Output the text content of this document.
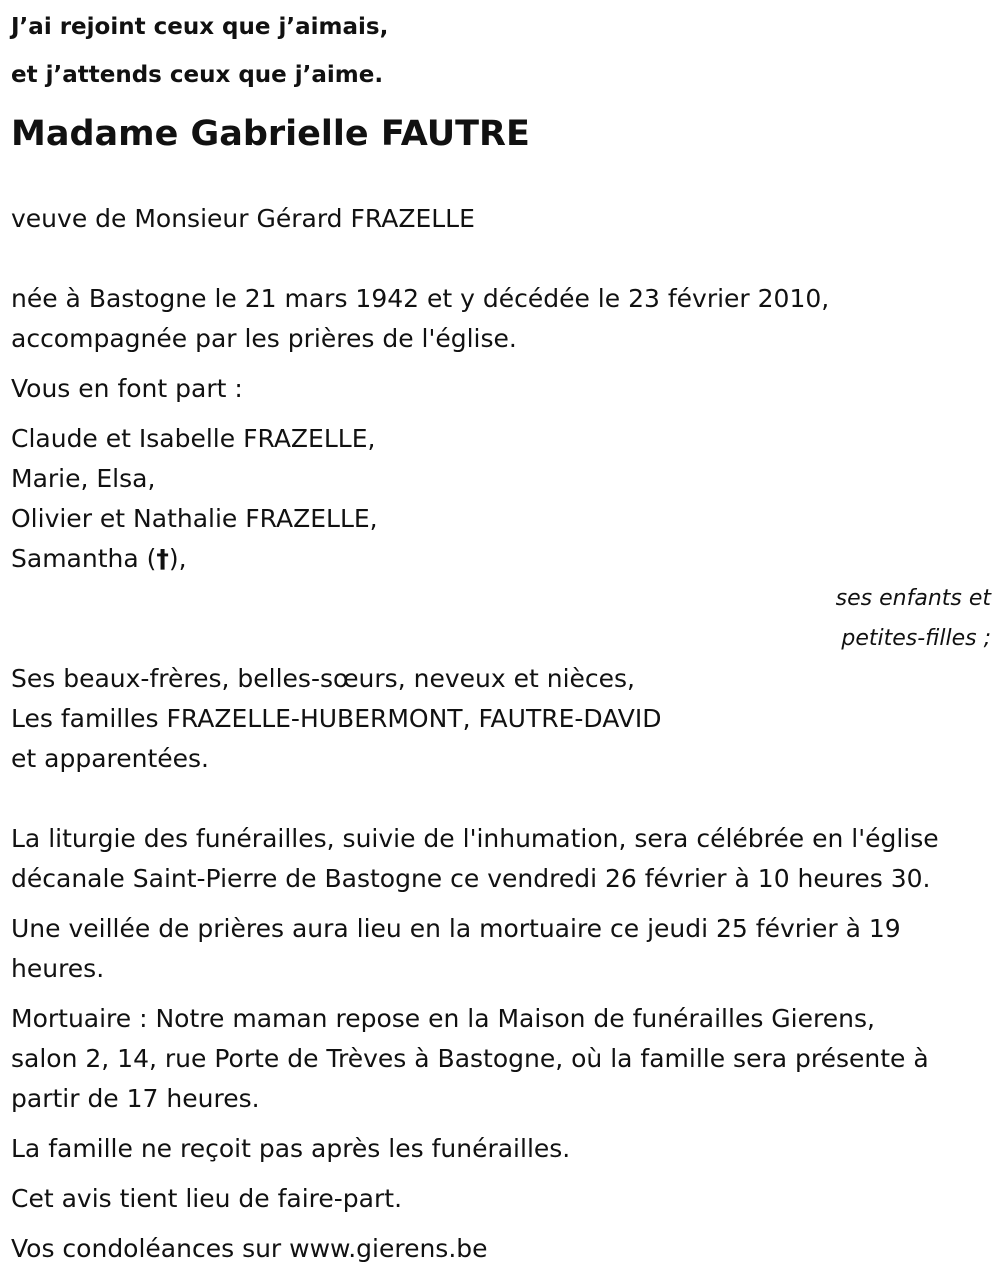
J’ai rejoint ceux que j’aimais,
et j’attends ceux que j’aime.
Madame Gabrielle FAUTRE
veuve de Monsieur Gérard FRAZELLE
née à Bastogne le 21 mars 1942 et y décédée le 23 février 2010,
accompagnée par les prières de l'église.
Vous en font part :
Claude et Isabelle FRAZELLE,
Marie, Elsa,
Olivier et Nathalie FRAZELLE,
Samantha (†),
ses enfants et
petites-filles ;
Ses beaux-frères, belles-sœurs, neveux et nièces,
Les familles FRAZELLE-HUBERMONT, FAUTRE-DAVID
et apparentées.
La liturgie des funérailles, suivie de l'inhumation, sera célébrée en l'église
décanale Saint-Pierre de Bastogne ce vendredi 26 février à 10 heures 30.
Une veillée de prières aura lieu en la mortuaire ce jeudi 25 février à 19
heures.
Mortuaire : Notre maman repose en la Maison de funérailles Gierens,
salon 2, 14, rue Porte de Trèves à Bastogne, où la famille sera présente à
partir de 17 heures.
La famille ne reçoit pas après les funérailles.
Cet avis tient lieu de faire-part.
Vos condoléances sur www.gierens.be
